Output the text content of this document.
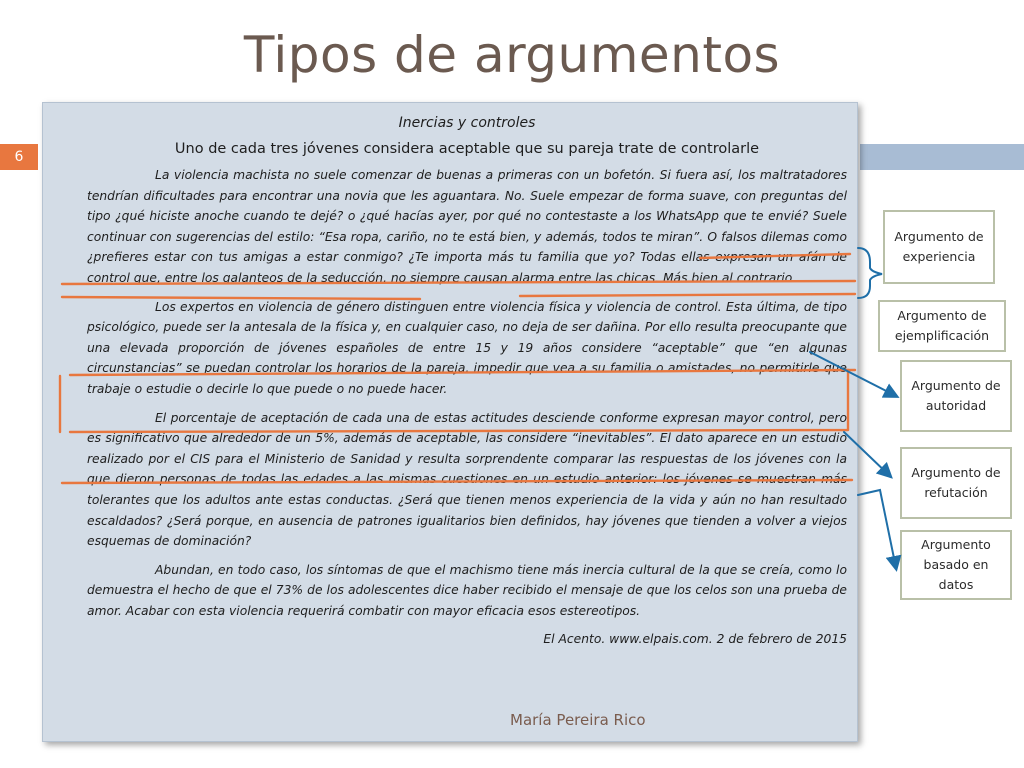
Tipos de argumentos
6
Inercias y controles
Uno de cada tres jóvenes considera aceptable que su pareja trate de controlarle

La violencia machista no suele comenzar de buenas a primeras con un bofetón. Si fuera así, los maltratadores tendrían dificultades para encontrar una novia que les aguantara. No. Suele empezar de forma suave, con preguntas del tipo ¿qué hiciste anoche cuando te dejé? o ¿qué hacías ayer, por qué no contestaste a los WhatsApp que te envié? Suele continuar con sugerencias del estilo: “Esa ropa, cariño, no te está bien, y además, todos te miran”. O falsos dilemas como ¿prefieres estar con tus amigas a estar conmigo? ¿Te importa más tu familia que yo? Todas ellas expresan un afán de control que, entre los galanteos de la seducción, no siempre causan alarma entre las chicas. Más bien al contrario.

Los expertos en violencia de género distinguen entre violencia física y violencia de control. Esta última, de tipo psicológico, puede ser la antesala de la física y, en cualquier caso, no deja de ser dañina. Por ello resulta preocupante que una elevada proporción de jóvenes españoles de entre 15 y 19 años considere “aceptable” que “en algunas circunstancias” se puedan controlar los horarios de la pareja, impedir que vea a su familia o amistades, no permitirle que trabaje o estudie o decirle lo que puede o no puede hacer.

El porcentaje de aceptación de cada una de estas actitudes desciende conforme expresan mayor control, pero es significativo que alrededor de un 5%, además de aceptable, las considere “inevitables”. El dato aparece en un estudio realizado por el CIS para el Ministerio de Sanidad y resulta sorprendente comparar las respuestas de los jóvenes con la que dieron personas de todas las edades a las mismas cuestiones en un estudio anterior: los jóvenes se muestran más tolerantes que los adultos ante estas conductas. ¿Será que tienen menos experiencia de la vida y aún no han resultado escaldados? ¿Será porque, en ausencia de patrones igualitarios bien definidos, hay jóvenes que tienden a volver a viejos esquemas de dominación?

Abundan, en todo caso, los síntomas de que el machismo tiene más inercia cultural de la que se creía, como lo demuestra el hecho de que el 73% de los adolescentes dice haber recibido el mensaje de que los celos son una prueba de amor. Acabar con esta violencia requerirá combatir con mayor eficacia esos estereotipos.

El Acento. www.elpais.com. 2 de febrero de 2015
María Pereira Rico
Argumento de experiencia
Argumento de ejemplificación
Argumento de autoridad
Argumento de refutación
Argumento basado en datos
